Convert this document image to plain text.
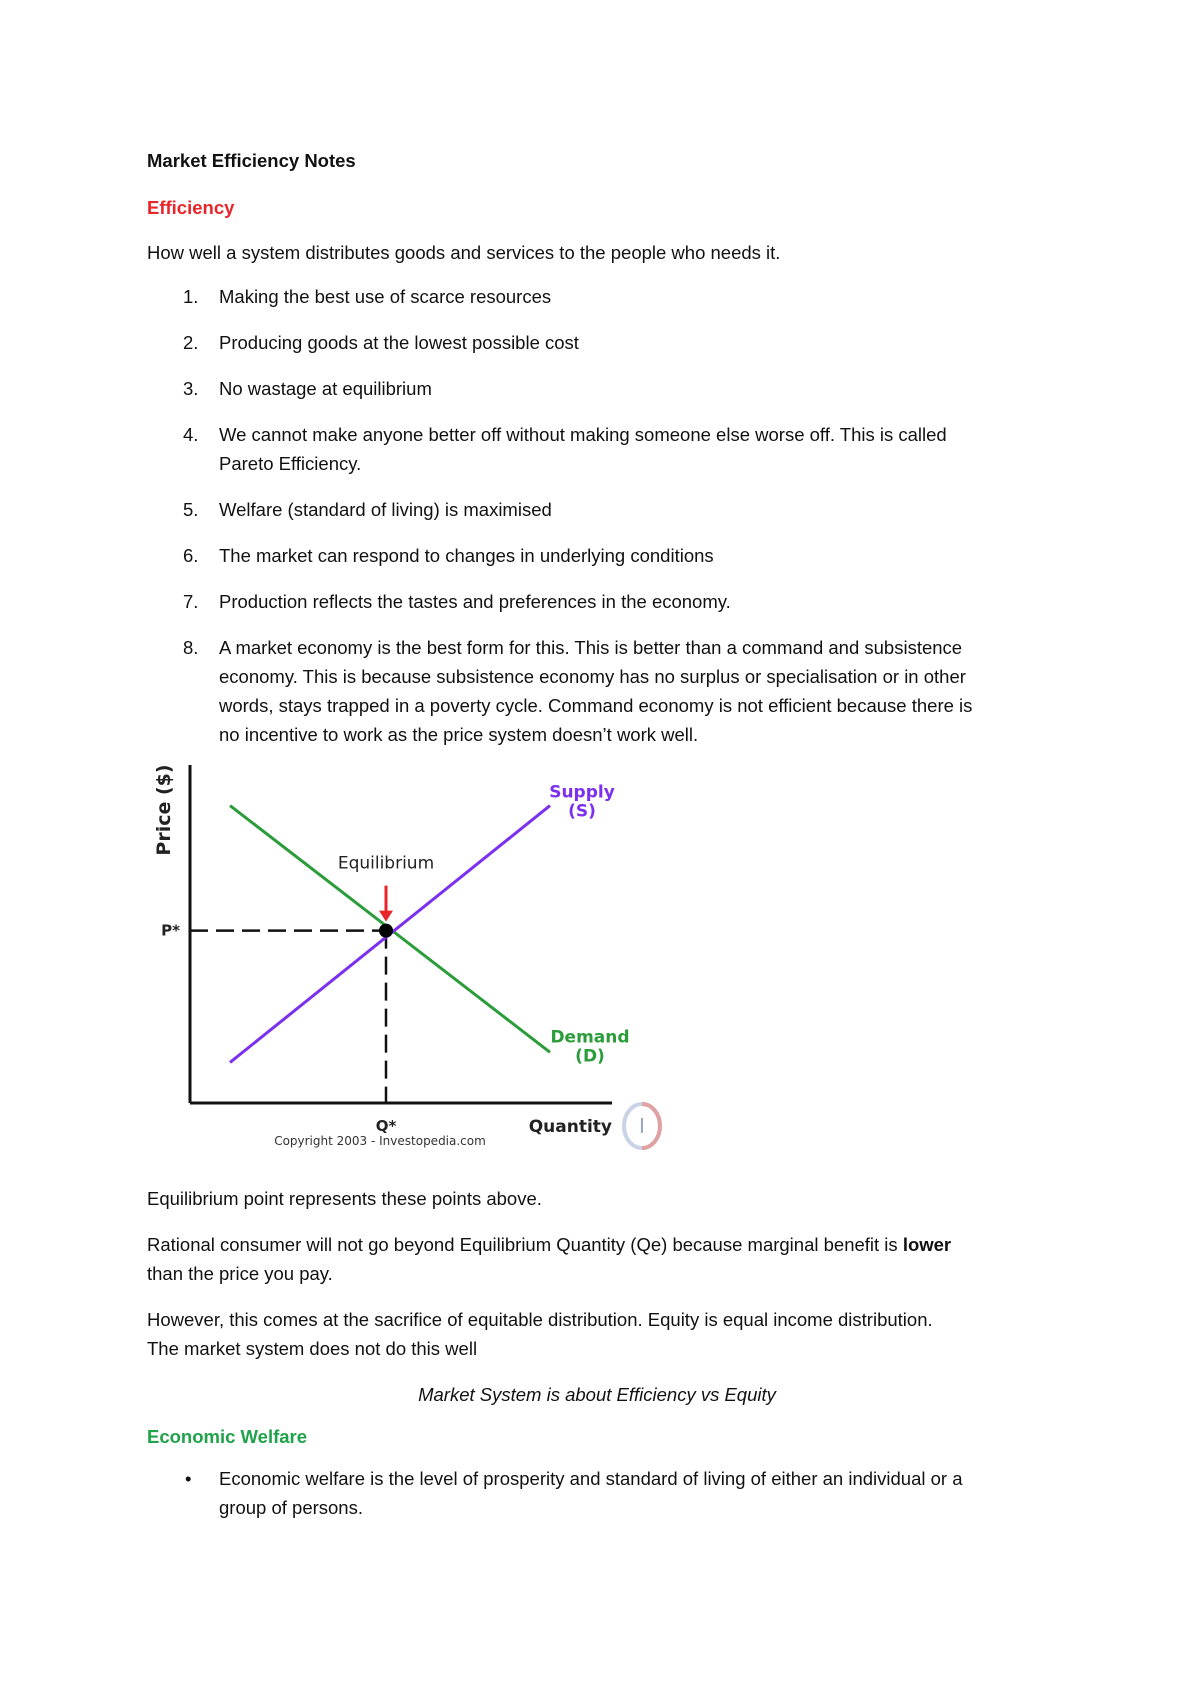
Market Efficiency Notes
Efficiency
How well a system distributes goods and services to the people who needs it.
1. Making the best use of scarce resources
2. Producing goods at the lowest possible cost
3. No wastage at equilibrium
4. We cannot make anyone better off without making someone else worse off. This is called
Pareto Efficiency.
5. Welfare (standard of living) is maximised
6. The market can respond to changes in underlying conditions
7. Production reflects the tastes and preferences in the economy.
8. A market economy is the best form for this. This is better than a command and subsistence
economy. This is because subsistence economy has no surplus or specialisation or in other
words, stays trapped in a poverty cycle. Command economy is not efficient because there is
no incentive to work as the price system doesn’t work well.
Price ($)
Quantity
P*
Q*
Equilibrium
Supply
(S)
Demand
(D)
Copyright 2003 - Investopedia.com
I
Equilibrium point represents these points above.
Rational consumer will not go beyond Equilibrium Quantity (Qe) because marginal benefit is lower
than the price you pay.
However, this comes at the sacrifice of equitable distribution. Equity is equal income distribution.
The market system does not do this well
Market System is about Efficiency vs Equity
Economic Welfare
• Economic welfare is the level of prosperity and standard of living of either an individual or a
group of persons.
